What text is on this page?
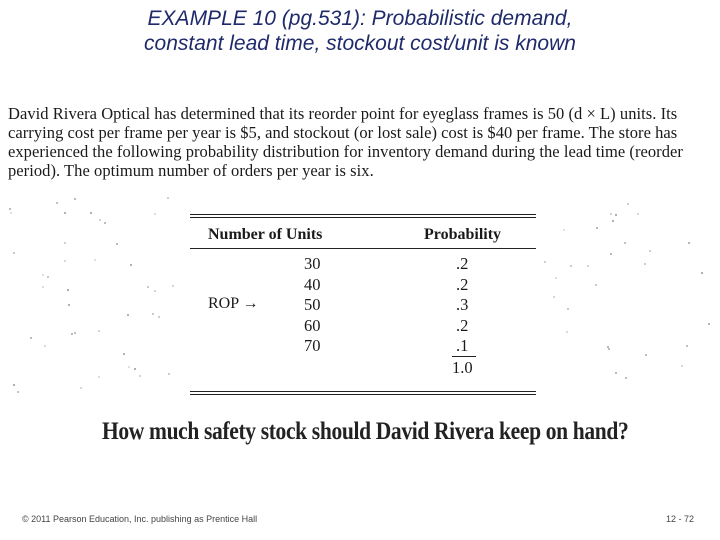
EXAMPLE 10 (pg.531): Probabilistic demand,
constant lead time, stockout cost/unit is known
David Rivera Optical has determined that its reorder point for eyeglass frames is 50 (d × L) units. Its
carrying cost per frame per year is $5, and stockout (or lost sale) cost is $40 per frame. The store has
experienced the following probability distribution for inventory demand during the lead time (reorder
period). The optimum number of orders per year is six.
Number of Units	Probability
ROP →
30
40
50
60
70
.2
.2
.3
.2
.1
1.0
How much safety stock should David Rivera keep on hand?
© 2011 Pearson Education, Inc. publishing as Prentice Hall	12 - 72
